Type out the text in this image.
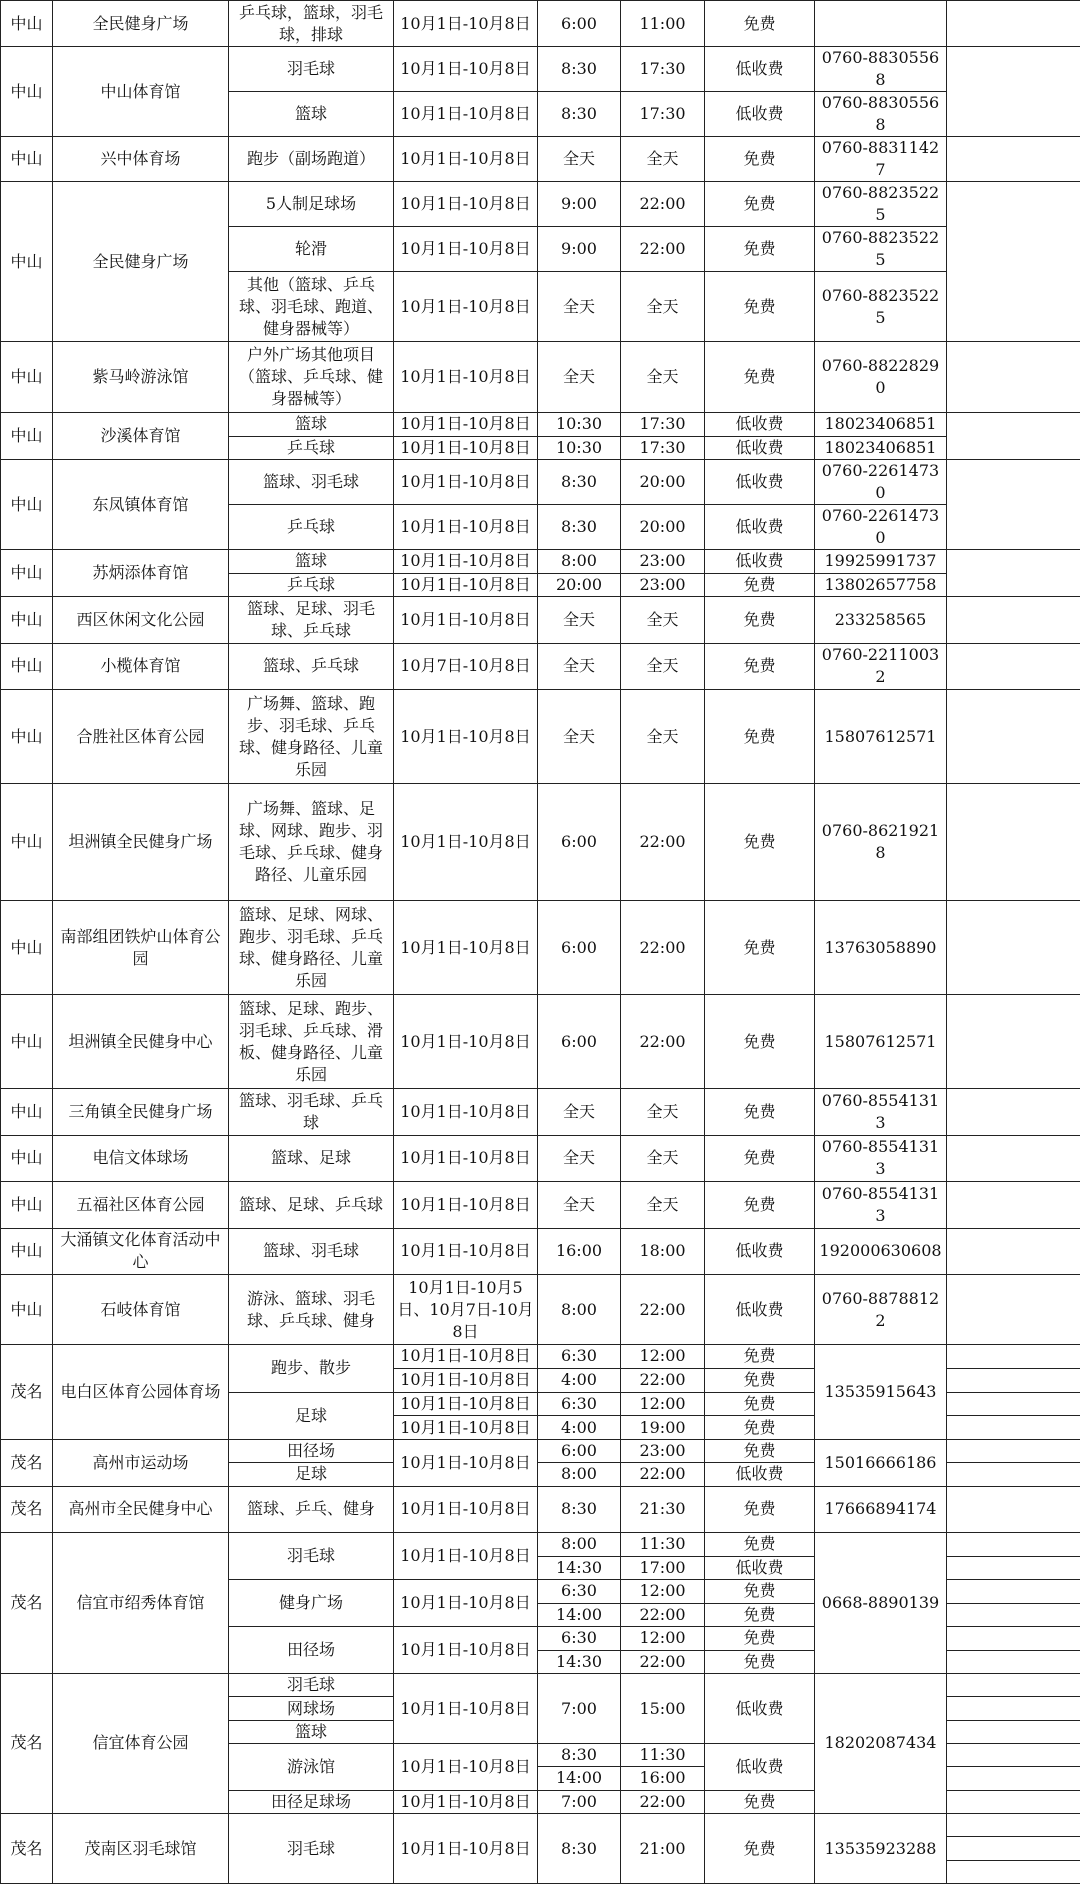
中山	全民健身广场	乒乓球，篮球，羽毛球，排球	10月1日-10月8日	6:00	11:00	免费		
中山	中山体育馆	羽毛球	10月1日-10月8日	8:30	17:30	低收费	0760-88305568	
		篮球	10月1日-10月8日	8:30	17:30	低收费	0760-88305568	
中山	兴中体育场	跑步（副场跑道）	10月1日-10月8日	全天	全天	免费	0760-88311427	
中山	全民健身广场	5人制足球场	10月1日-10月8日	9:00	22:00	免费	0760-88235225	
		轮滑	10月1日-10月8日	9:00	22:00	免费	0760-88235225	
		其他（篮球、乒乓球、羽毛球、跑道、健身器械等）	10月1日-10月8日	全天	全天	免费	0760-88235225	
中山	紫马岭游泳馆	户外广场其他项目（篮球、乒乓球、健身器械等）	10月1日-10月8日	全天	全天	免费	0760-88228290	
中山	沙溪体育馆	篮球	10月1日-10月8日	10:30	17:30	低收费	18023406851	
		乒乓球	10月1日-10月8日	10:30	17:30	低收费	18023406851	
中山	东凤镇体育馆	篮球、羽毛球	10月1日-10月8日	8:30	20:00	低收费	0760-22614730	
		乒乓球	10月1日-10月8日	8:30	20:00	低收费	0760-22614730	
中山	苏炳添体育馆	篮球	10月1日-10月8日	8:00	23:00	低收费	19925991737	
		乒乓球	10月1日-10月8日	20:00	23:00	免费	13802657758	
中山	西区休闲文化公园	篮球、足球、羽毛球、乒乓球	10月1日-10月8日	全天	全天	免费	233258565	
中山	小榄体育馆	篮球、乒乓球	10月7日-10月8日	全天	全天	免费	0760-22110032	
中山	合胜社区体育公园	广场舞、篮球、跑步、羽毛球、乒乓球、健身路径、儿童乐园	10月1日-10月8日	全天	全天	免费	15807612571	
中山	坦洲镇全民健身广场	广场舞、篮球、足球、网球、跑步、羽毛球、乒乓球、健身路径、儿童乐园	10月1日-10月8日	6:00	22:00	免费	0760-86219218	
中山	南部组团铁炉山体育公园	篮球、足球、网球、跑步、羽毛球、乒乓球、健身路径、儿童乐园	10月1日-10月8日	6:00	22:00	免费	13763058890	
中山	坦洲镇全民健身中心	篮球、足球、跑步、羽毛球、乒乓球、滑板、健身路径、儿童乐园	10月1日-10月8日	6:00	22:00	免费	15807612571	
中山	三角镇全民健身广场	篮球、羽毛球、乒乓球	10月1日-10月8日	全天	全天	免费	0760-85541313	
中山	电信文体球场	篮球、足球	10月1日-10月8日	全天	全天	免费	0760-85541313	
中山	五福社区体育公园	篮球、足球、乒乓球	10月1日-10月8日	全天	全天	免费	0760-85541313	
中山	大涌镇文化体育活动中心	篮球、羽毛球	10月1日-10月8日	16:00	18:00	低收费	192000630608	
中山	石岐体育馆	游泳、篮球、羽毛球、乒乓球、健身	10月1日-10月5日、10月7日-10月8日	8:00	22:00	低收费	0760-88788122	
茂名	电白区体育公园体育场	跑步、散步	10月1日-10月8日	6:30	12:00	免费	13535915643	
			10月1日-10月8日	4:00	22:00	免费		
		足球	10月1日-10月8日	6:30	12:00	免费		
			10月1日-10月8日	4:00	19:00	免费		
茂名	高州市运动场	田径场	10月1日-10月8日	6:00	23:00	免费	15016666186	
		足球		8:00	22:00	低收费		
茂名	高州市全民健身中心	篮球、乒乓、健身	10月1日-10月8日	8:30	21:30	免费	17666894174	
茂名	信宜市绍秀体育馆	羽毛球	10月1日-10月8日	8:00	11:30	免费	0668-8890139	
				14:30	17:00	低收费		
		健身广场	10月1日-10月8日	6:30	12:00	免费		
				14:00	22:00	免费		
		田径场	10月1日-10月8日	6:30	12:00	免费		
				14:30	22:00	免费		
茂名	信宜体育公园	羽毛球	10月1日-10月8日	7:00	15:00	低收费	18202087434	
		网球场						
		篮球						
		游泳馆	10月1日-10月8日	8:30	11:30	低收费		
				14:00	16:00			
		田径足球场	10月1日-10月8日	7:00	22:00	免费		
茂名	茂南区羽毛球馆	羽毛球	10月1日-10月8日	8:30	21:00	免费	13535923288	
